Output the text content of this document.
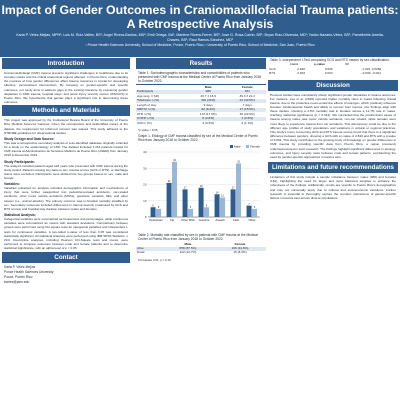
Impact of Gender Outcomes in Craniomaxillofacial Trauma patients:
A Retrospective Analysis
Karla P. Vélez-Mejias, MPH¹; Luis M. Ruiz-Vallés, BS¹; Angel Rivera-Barrios, MD²; Emil Ortega, BA¹; Marlene Rivera-Ferrer, BS¹; Jose G. Rosa-Calvin, BS¹; Bryan Ruiz-Olivencia, MD¹; Yanko Nazario-Vélez, BS¹; Pamelinelle Amelia-Chaves, BS¹; Raul Ramos-Sánchez, MD²
¹ Ponce Health Sciences University, School of Medicine, Ponce, Puerto Rico; ² University of Puerto Rico, School of Medicine, San Juan, Puerto Rico
Introduction

Craniomaxillofacial (CMF) trauma presents significant challenges in healthcare due to its complex nature and the critical anatomical regions affected. In Puerto Rico, understanding the nuances of how gender differences affect trauma outcomes is crucial for developing effective, personalized interventions. By focusing on gender-specific and specific outcomes, our study aims to address gaps in the existing literature by examining gender disparities in CMF trauma, hospital stays, and acute injury severity scores (ISS/GCS) in Puerto Rico. We hypothesize that gender plays a significant role in determining these outcomes.

Methods and Materials

This project was approved by the Institutional Review Board of the University of Puerto Rico Medical Sciences Campus. Given the retrospective and deidentified nature of the dataset, the requirement for informed consent was waived. This study adhered to the STROBE guidelines for observational studies.

Study Design and Data Source:

This was a retrospective secondary analysis of a de-identified database originally collected for a study on the epidemiology of CMF. The dataset included 1,161 patients treated for CMF trauma at Administración de Servicios Médicos de Puerto Rico (ASEM) from January 2015 to December 2019.

Study Participants:

The analysis included patients aged ≥18 years who presented with CMF trauma during the study period. Patients missing key data on sex, trauma scores (GCS or RTS), or discharge status were excluded. Participants were divided into two groups based on sex: male and female.

Variables:

Variables extracted for analysis included demographic information and mechanisms of injury that were further categorized into pedestrian-related accidents, car-related accidents, other motor vehicle accidents (MVAs), gunshots, assaults, falls, and other causes (i.e., animal attacks). The primary outcome was in-hospital mortality stratified by sex. Secondary outcomes included differences in trauma severity (measured by GCS and RTS scores) and hospital stay duration between males and females.

Statistical Analysis:

Categorical variables were summarized as frequencies and percentages, while continuous variables were summarized as means with standard deviations. Comparisons between groups were performed using Chi-square tests for categorical variables and independent t-tests for continuous variables. A two-tailed p-value of less than 0.05 was considered statistically significant. All statistical analyses were performed using IBM SPSS Statistics, v 29.0. Descriptive analyses, including Pearson Chi-Square tests and t-tests, were performed to compare outcomes between male and female patients and to determine statistical significance, with an alpha level of p < 0.05.

Contact
Karla P. Vélez-Mejías
Ponce Health Sciences University
Ponce, Puerto Rico
kvelez@psm.edu
Results
Table 1. Sociodemographic characteristics and comorbidities of patients who presented with CMF trauma at the Medical Center of Puerto Rico from January 2018 to October 2022.
	Male	Female
Participants	980	181
Age (avg. ± SD)	40.7 ± 18.9	39.3 ± 21.2
*Medicare n (%)	402 (41%)	61 (40.5%)
Length of stay	9 days	7 days
SBHT2 n (%)	82 (8.4%)	27 (15.6%)
ATR n (%)	172 (17.6%)	46 (22.9%)
COPD n (%)	8 (0.8%)	1 (0.5%)
CKD n (%)	3 (0.3%)	2 (1.1%)
*p-value < 0.05
Graph 1. Etiology of CMF trauma classified by sex at the Medical Center of Puerto Rico from January 2018 to October 2022.
0
10
20
30
40
6
5
Pedestrian
21
34
Car
17
5
Other MVA
18
6
Gunshot
14
12
Assault
17
33
Falls
7
5
Other
Male	Female
Table 2. Mortality rate classified by sex in patients with CMF trauma at the Medical Center of Puerto Rico from January 2018 to October 2022.
	Male	Female
Alive	858 (87.5%)	166 (91.6%)
Dead	122 (12.7%)	15 (8.3%)
Chi-square 2.01, p = 0.10
Table 3. Independent t-Test comparing GCS and RTS means by sex classification.
	t-test	p-value	CI
GCS	2.840	0.005	-1.415, 0.0258
RTS	2.833	0.004	-0.039, -0.004
Discussion

Previous studies have consistently shown significant gender disparities in trauma outcomes. For instance, Lee et al. (2020) reported higher mortality rates in males following cranial trauma, due to the protective neuro-endocrine effects of estrogen, which positively influence females' cardiovascular health and ability to recover from trauma. Our findings align with these studies, showing a 4.5% mortality rate in females versus a 12.7% rate in males, reaching statistical significance (p = 0.012). We concluded that the predominant cause of trauma among males was motor vehicle accidents, non-car related, while females were more likely to experience trauma from car accidents. This discrepancy could be due to the different age profiles of study populations and variations in cultural or regional practices. This study's focus concerning GCS and RTS trauma scores found that there is a significant difference between genders, showing a GCS with a t-value of 2.840 and RTS with a p-value of 0.004. This study contributes to the growing body of knowledge on gender differences in CMF trauma by providing specific data from Puerto Rico, a region previously underrepresented in such research. The findings highlight significant differences in etiology, outcomes, and injury severity rates between male and female patients, emphasizing the need for gender-specific approaches in trauma care.

Limitations and future recommendations

Limitations of this study include a sample imbalance between males (980) and females (181), highlighting the need for larger and more balanced samples to enhance the robustness of the findings. Additionally, results are specific to Puerto Rico's demographics and may not universally apply due to cultural and socioeconomic variations. Further research is essential to thoroughly explore the complex interactions of gender-specific factors in trauma care across diverse populations.
